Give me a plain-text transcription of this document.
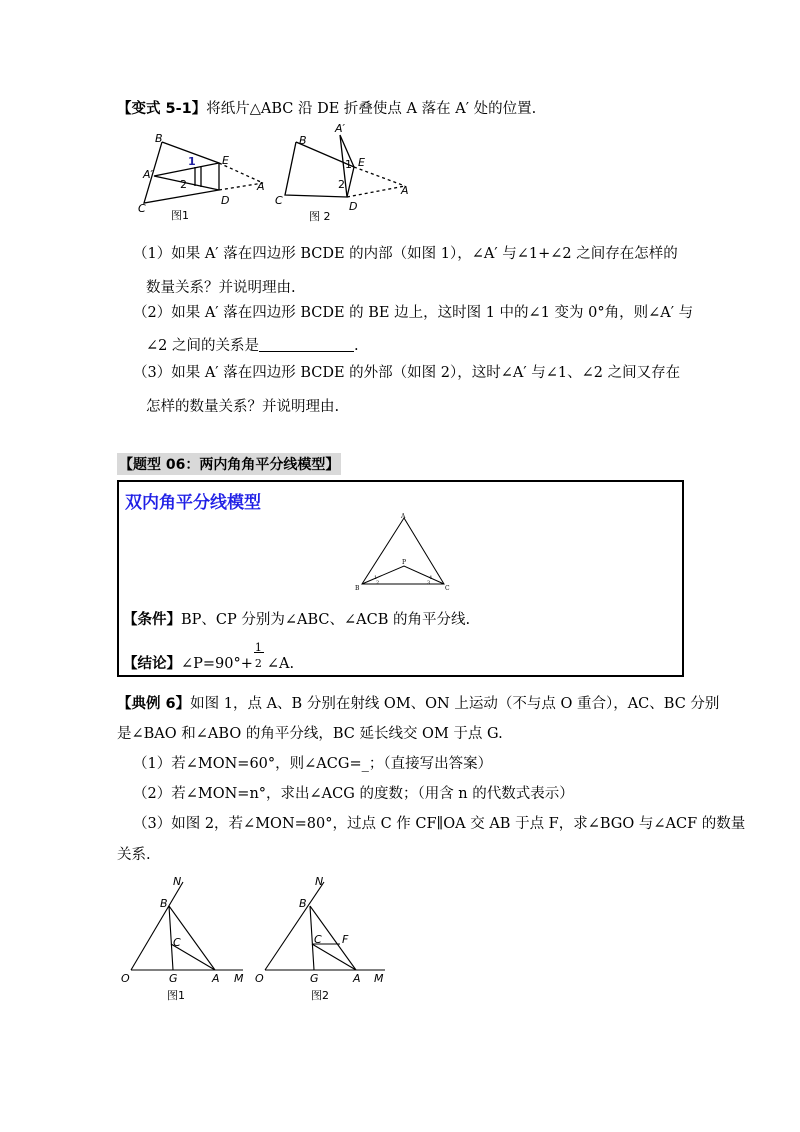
【变式 5-1】将纸片△ABC 沿 DE 折叠使点 A 落在 A′ 处的位置.
B
C
E
D
A
A′
1
2
B
C
E
D
A
A′
1
2
图1	图 2
（1）如果 A′ 落在四边形 BCDE 的内部（如图 1），∠A′ 与∠1+∠2 之间存在怎样的
数量关系？并说明理由.
（2）如果 A′ 落在四边形 BCDE 的 BE 边上，这时图 1 中的∠1 变为 0°角，则∠A′ 与
∠2 之间的关系是	.
（3）如果 A′ 落在四边形 BCDE 的外部（如图 2），这时∠A′ 与∠1、∠2 之间又存在
怎样的数量关系？并说明理由.
【题型 06：两内角角平分线模型】
双内角平分线模型
A
B	C
P
1
2	3
4
【条件】BP、CP 分别为∠ABC、∠ACB 的角平分线.
【结论】∠P=90°+ $\frac{1}{2}$ ∠A.
【典例 6】如图 1，点 A、B 分别在射线 OM、ON 上运动（不与点 O 重合），AC、BC 分别
是∠BAO 和∠ABO 的角平分线，BC 延长线交 OM 于点 G.
（1）若∠MON=60°，则∠ACG=_；（直接写出答案）
（2）若∠MON=n°，求出∠ACG 的度数；（用含 n 的代数式表示）
（3）如图 2，若∠MON=80°，过点 C 作 CF∥OA 交 AB 于点 F，求∠BGO 与∠ACF 的数量
关系.
N
B
C
O	G	A M
图1
N
B
C F
O	G	A M
图2
